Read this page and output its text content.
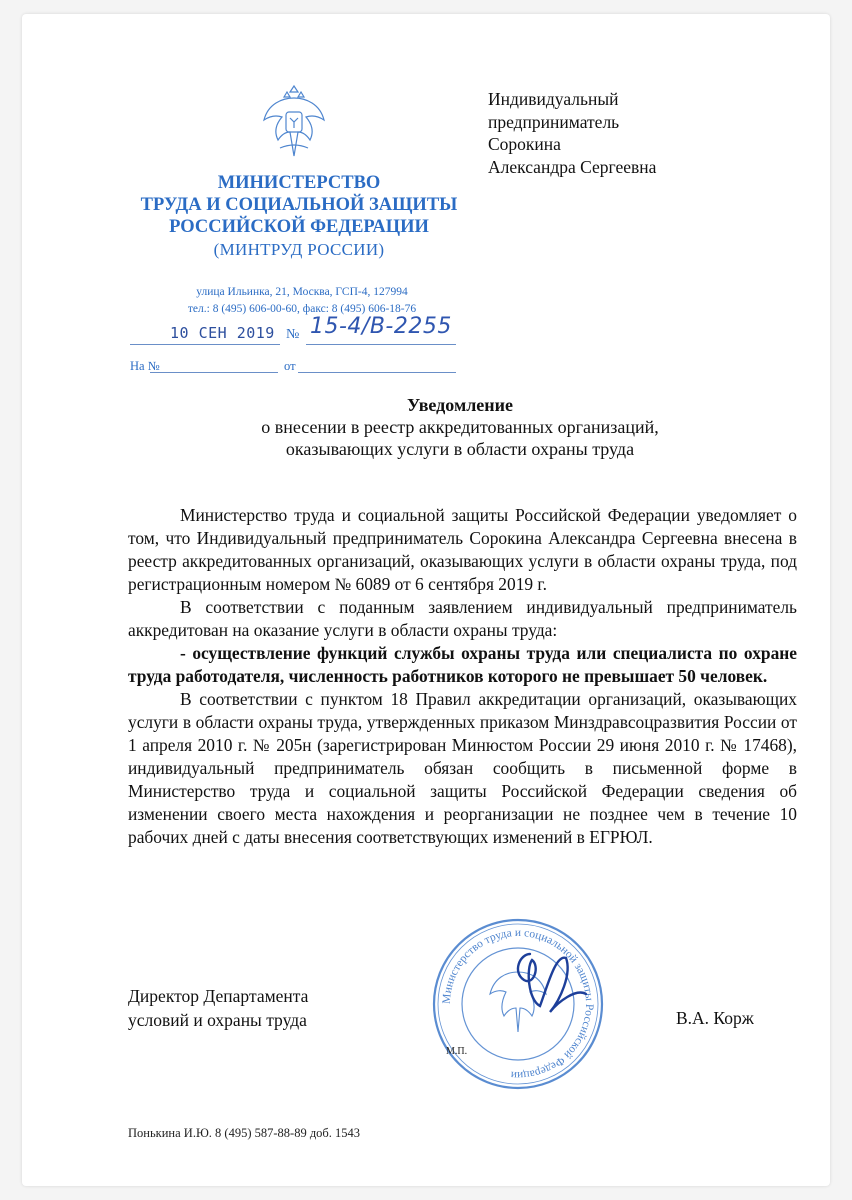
МИНИСТЕРСТВО
ТРУДА И СОЦИАЛЬНОЙ ЗАЩИТЫ
РОССИЙСКОЙ ФЕДЕРАЦИИ
(МИНТРУД РОССИИ)
улица Ильинка, 21, Москва, ГСП-4, 127994
тел.: 8 (495) 606-00-60, факс: 8 (495) 606-18-76
10 СЕН 2019 № 15-4/В-2255
На №	от
Индивидуальный
предприниматель
Сорокина
Александра Сергеевна
Уведомление
о внесении в реестр аккредитованных организаций,
оказывающих услуги в области охраны труда

Министерство труда и социальной защиты Российской Федерации уведомляет о том, что Индивидуальный предприниматель Сорокина Александра Сергеевна внесена в реестр аккредитованных организаций, оказывающих услуги в области охраны труда, под регистрационным номером № 6089 от 6 сентября 2019 г.

В соответствии с поданным заявлением индивидуальный предприниматель аккредитован на оказание услуги в области охраны труда:

- осуществление функций службы охраны труда или специалиста по охране труда работодателя, численность работников которого не превышает 50 человек.

В соответствии с пунктом 18 Правил аккредитации организаций, оказывающих услуги в области охраны труда, утвержденных приказом Минздравсоцразвития России от 1 апреля 2010 г. № 205н (зарегистрирован Минюстом России 29 июня 2010 г. № 17468), индивидуальный предприниматель обязан сообщить в письменной форме в Министерство труда и социальной защиты Российской Федерации сведения об изменении своего места нахождения и реорганизации не позднее чем в течение 10 рабочих дней с даты внесения соответствующих изменений в ЕГРЮЛ.

Директор Департамента
условий и охраны труда
Министерство труда и социальной защиты Российской Федерации
М.П.
В.А. Корж
Понькина И.Ю. 8 (495) 587-88-89 доб. 1543
